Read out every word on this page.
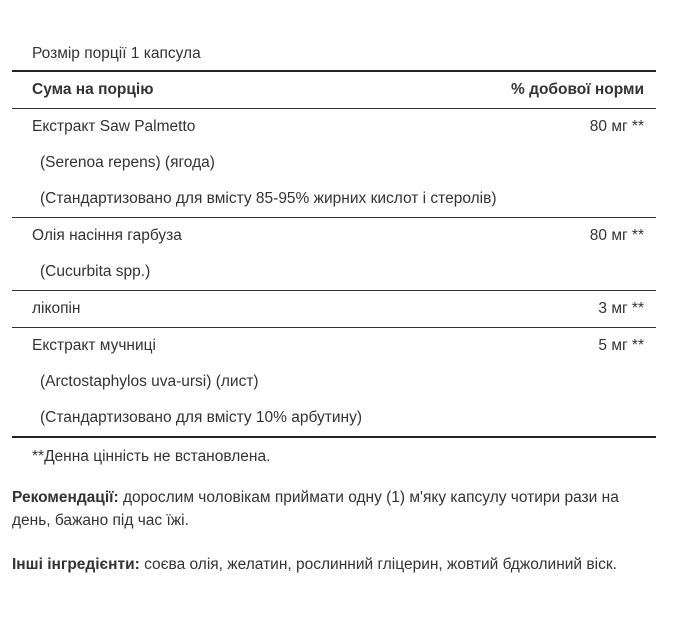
Розмір порції 1 капсула
Сума на порцію	% добової норми
Екстракт Saw Palmetto	80 мг **
(Serenoa repens) (ягода)
(Стандартизовано для вмісту 85-95% жирних кислот і стеролів)
Олія насіння гарбуза	80 мг **
(Cucurbita spp.)
лікопін	3 мг **
Екстракт мучниці	5 мг **
(Arctostaphylos uva-ursi) (лист)
(Стандартизовано для вмісту 10% арбутину)
**Денна цінність не встановлена.
Рекомендації: дорослим чоловікам приймати одну (1) м'яку капсулу чотири рази на день, бажано під час їжі.
Інші інгредієнти: соєва олія, желатин, рослинний гліцерин, жовтий бджолиний віск.
